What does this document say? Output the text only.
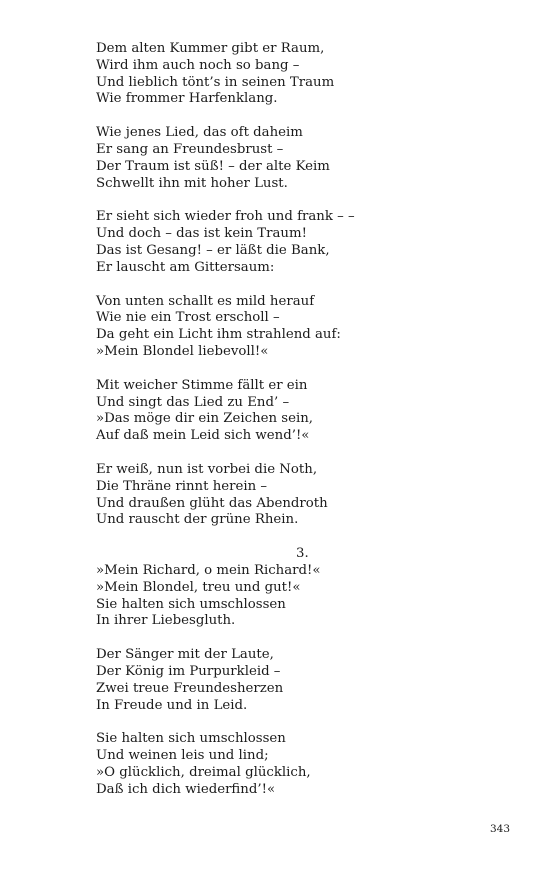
Dem alten Kummer gibt er Raum,
Wird ihm auch noch so bang –
Und lieblich tönt’s in seinen Traum
Wie frommer Harfenklang.
Wie jenes Lied, das oft daheim
Er sang an Freundesbrust –
Der Traum ist süß! – der alte Keim
Schwellt ihn mit hoher Lust.
Er sieht sich wieder froh und frank – –
Und doch – das ist kein Traum!
Das ist Gesang! – er läßt die Bank,
Er lauscht am Gittersaum:
Von unten schallt es mild herauf
Wie nie ein Trost erscholl –
Da geht ein Licht ihm strahlend auf:
»Mein Blondel liebevoll!«
Mit weicher Stimme fällt er ein
Und singt das Lied zu End’ –
»Das möge dir ein Zeichen sein,
Auf daß mein Leid sich wend’!«
Er weiß, nun ist vorbei die Noth,
Die Thräne rinnt herein –
Und draußen glüht das Abendroth
Und rauscht der grüne Rhein.
3.
»Mein Richard, o mein Richard!«
»Mein Blondel, treu und gut!«
Sie halten sich umschlossen
In ihrer Liebesgluth.
Der Sänger mit der Laute,
Der König im Purpurkleid –
Zwei treue Freundesherzen
In Freude und in Leid.
Sie halten sich umschlossen
Und weinen leis und lind;
»O glücklich, dreimal glücklich,
Daß ich dich wiederfind’!«
343
